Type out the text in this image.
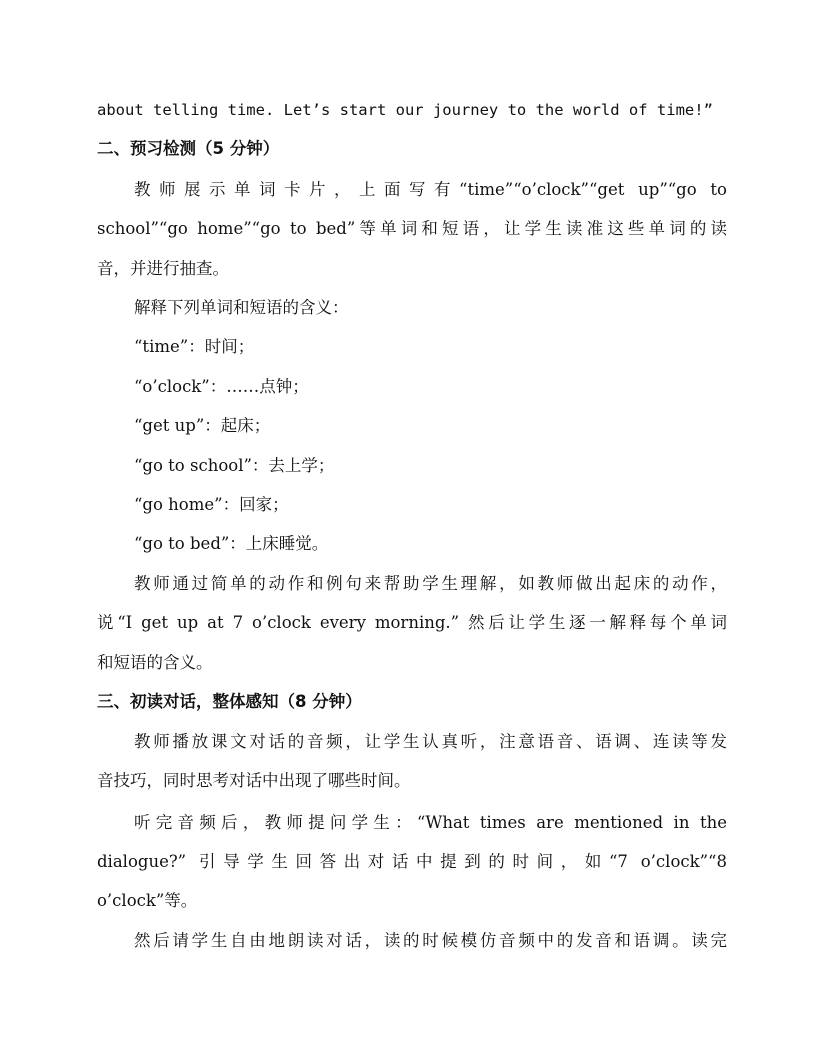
about telling time. Let’s start our journey to the world of time!”
二、预习检测（5 分钟）
教师展示单词卡片，上面写有“time”“o’clock”“get up”“go to
school”“go home”“go to bed”等单词和短语，让学生读准这些单词的读
音，并进行抽查。
解释下列单词和短语的含义：
“time”：时间；
“o’clock”：……点钟；
“get up”：起床；
“go to school”：去上学；
“go home”：回家；
“go to bed”：上床睡觉。
教师通过简单的动作和例句来帮助学生理解，如教师做出起床的动作，
说“I get up at 7 o’clock every morning.” 然后让学生逐一解释每个单词
和短语的含义。
三、初读对话，整体感知（8 分钟）
教师播放课文对话的音频，让学生认真听，注意语音、语调、连读等发
音技巧，同时思考对话中出现了哪些时间。
听完音频后，教师提问学生：“What times are mentioned in the
dialogue?” 引导学生回答出对话中提到的时间，如“7 o’clock”“8
o’clock”等。
然后请学生自由地朗读对话，读的时候模仿音频中的发音和语调。读完
